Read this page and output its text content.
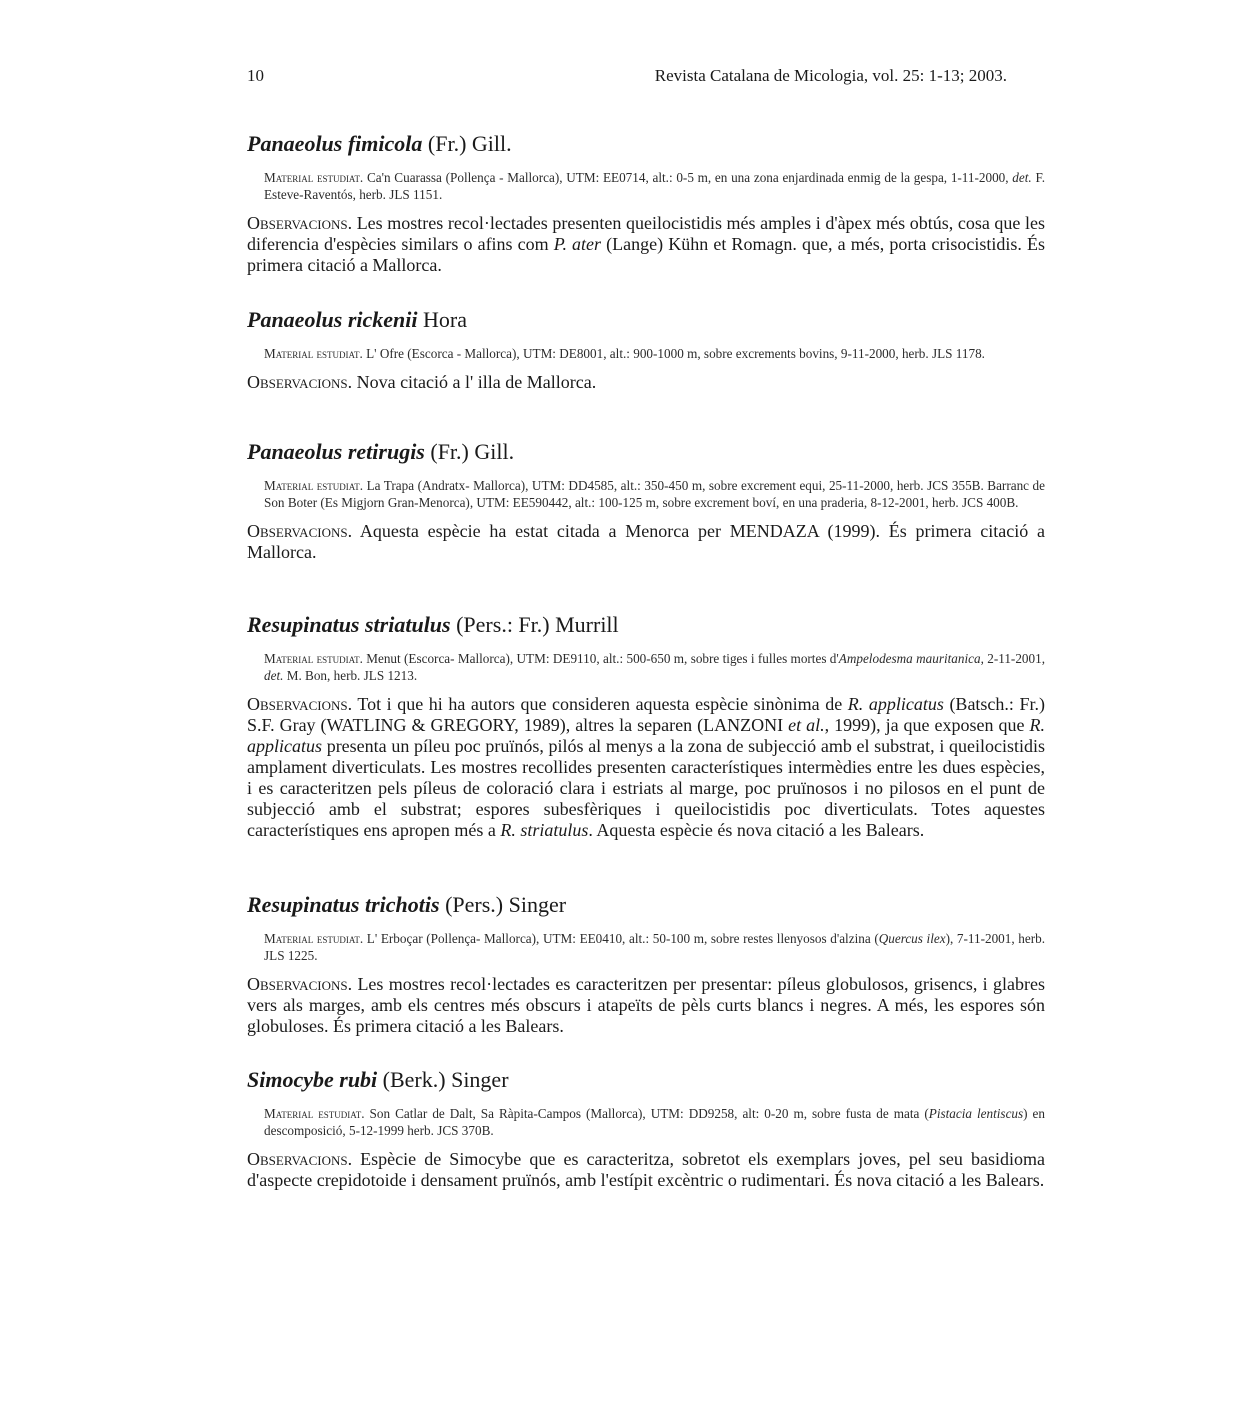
10	Revista Catalana de Micologia, vol. 25: 1-13; 2003.

Panaeolus fimicola (Fr.) Gill.

Material estudiat. Ca'n Cuarassa (Pollença - Mallorca), UTM: EE0714, alt.: 0-5 m, en una zona enjardinada enmig de la gespa, 1-11-2000, det. F. Esteve-Raventós, herb. JLS 1151.

Observacions. Les mostres recol·lectades presenten queilocistidis més amples i d'àpex més obtús, cosa que les diferencia d'espècies similars o afins com P. ater (Lange) Kühn et Romagn. que, a més, porta crisocistidis. És primera citació a Mallorca.

Panaeolus rickenii Hora

Material estudiat. L' Ofre (Escorca - Mallorca), UTM: DE8001, alt.: 900-1000 m, sobre excrements bovins, 9-11-2000, herb. JLS 1178.

Observacions. Nova citació a l' illa de Mallorca.

Panaeolus retirugis (Fr.) Gill.

Material estudiat. La Trapa (Andratx- Mallorca), UTM: DD4585, alt.: 350-450 m, sobre excrement equi, 25-11-2000, herb. JCS 355B. Barranc de Son Boter (Es Migjorn Gran-Menorca), UTM: EE590442, alt.: 100-125 m, sobre excrement boví, en una praderia, 8-12-2001, herb. JCS 400B.

Observacions. Aquesta espècie ha estat citada a Menorca per MENDAZA (1999). És primera citació a Mallorca.

Resupinatus striatulus (Pers.: Fr.) Murrill

Material estudiat. Menut (Escorca- Mallorca), UTM: DE9110, alt.: 500-650 m, sobre tiges i fulles mortes d'Ampelodesma mauritanica, 2-11-2001, det. M. Bon, herb. JLS 1213.

Observacions. Tot i que hi ha autors que consideren aquesta espècie sinònima de R. applicatus (Batsch.: Fr.) S.F. Gray (WATLING & GREGORY, 1989), altres la separen (LANZONI et al., 1999), ja que exposen que R. applicatus presenta un píleu poc pruïnós, pilós al menys a la zona de subjecció amb el substrat, i queilocistidis amplament diverticulats. Les mostres recollides presenten característiques intermèdies entre les dues espècies, i es caracteritzen pels píleus de coloració clara i estriats al marge, poc pruïnosos i no pilosos en el punt de subjecció amb el substrat; espores subesfèriques i queilocistidis poc diverticulats. Totes aquestes característiques ens apropen més a R. striatulus. Aquesta espècie és nova citació a les Balears.

Resupinatus trichotis (Pers.) Singer

Material estudiat. L' Erboçar (Pollença- Mallorca), UTM: EE0410, alt.: 50-100 m, sobre restes llenyosos d'alzina (Quercus ilex), 7-11-2001, herb. JLS 1225.

Observacions. Les mostres recol·lectades es caracteritzen per presentar: píleus globulosos, grisencs, i glabres vers als marges, amb els centres més obscurs i atapeïts de pèls curts blancs i negres. A més, les espores són globuloses. És primera citació a les Balears.

Simocybe rubi (Berk.) Singer

Material estudiat. Son Catlar de Dalt, Sa Ràpita-Campos (Mallorca), UTM: DD9258, alt: 0-20 m, sobre fusta de mata (Pistacia lentiscus) en descomposició, 5-12-1999 herb. JCS 370B.

Observacions. Espècie de Simocybe que es caracteritza, sobretot els exemplars joves, pel seu basidioma d'aspecte crepidotoide i densament pruïnós, amb l'estípit excèntric o rudimentari. És nova citació a les Balears.
